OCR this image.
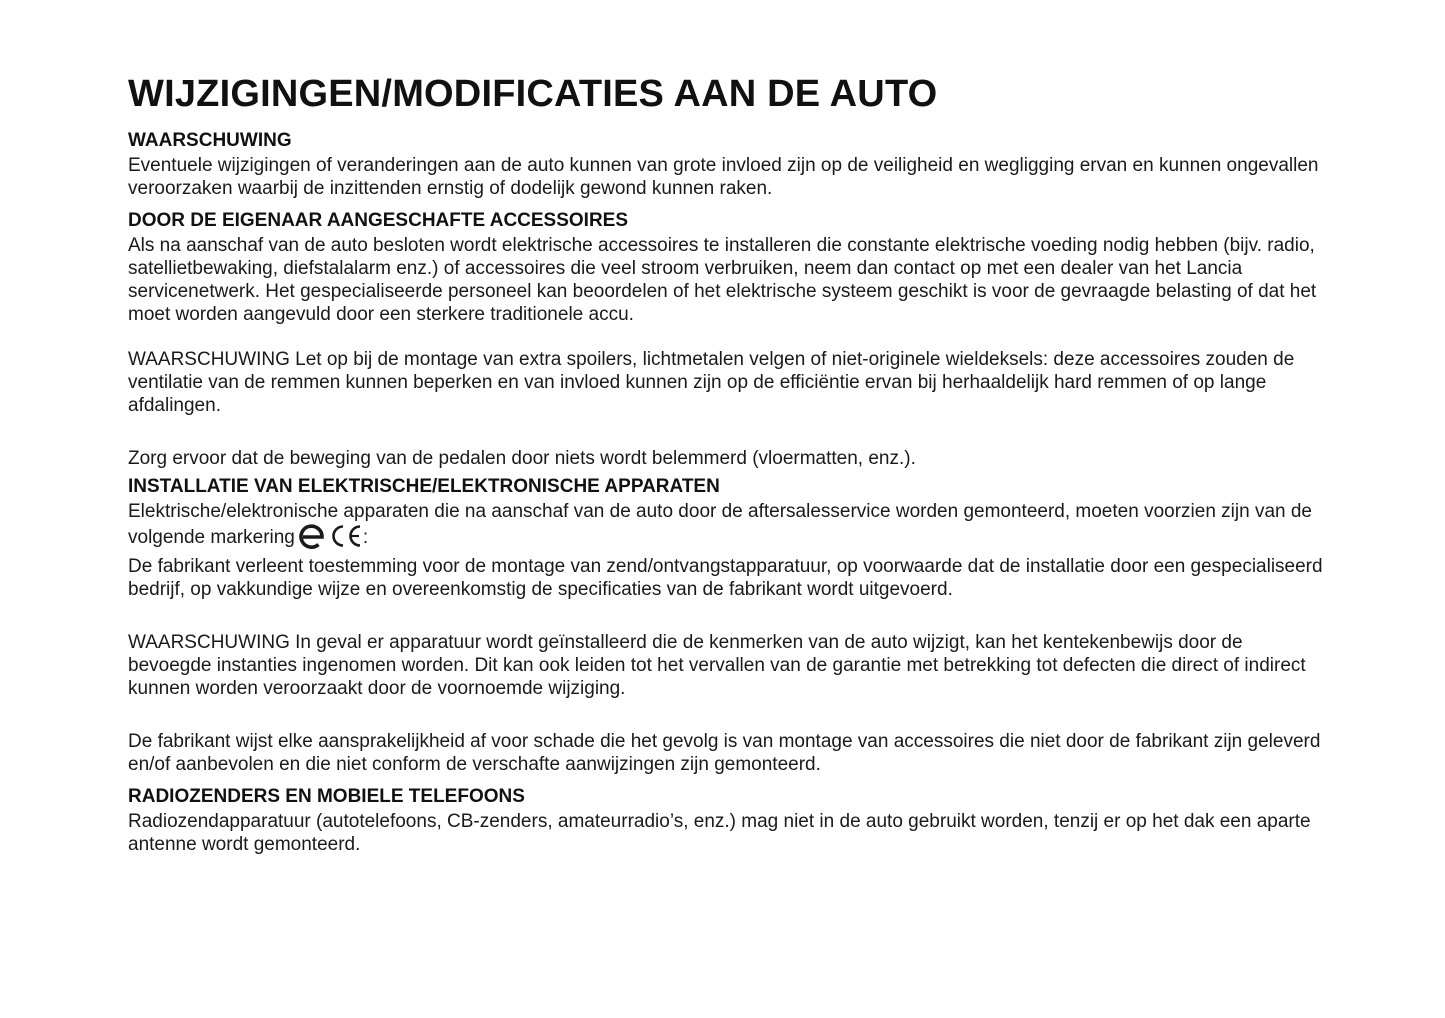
WIJZIGINGEN/MODIFICATIES AAN DE AUTO
WAARSCHUWING

Eventuele wijzigingen of veranderingen aan de auto kunnen van grote invloed zijn op de veiligheid en wegligging ervan en kunnen ongevallen veroorzaken waarbij de inzittenden ernstig of dodelijk gewond kunnen raken.

DOOR DE EIGENAAR AANGESCHAFTE ACCESSOIRES

Als na aanschaf van de auto besloten wordt elektrische accessoires te installeren die constante elektrische voeding nodig hebben (bijv. radio, satellietbewaking, diefstalalarm enz.) of accessoires die veel stroom verbruiken, neem dan contact op met een dealer van het Lancia servicenetwerk. Het gespecialiseerde personeel kan beoordelen of het elektrische systeem geschikt is voor de gevraagde belasting of dat het moet worden aangevuld door een sterkere traditionele accu.

WAARSCHUWING Let op bij de montage van extra spoilers, lichtmetalen velgen of niet-originele wieldeksels: deze accessoires zouden de ventilatie van de remmen kunnen beperken en van invloed kunnen zijn op de efficiëntie ervan bij herhaaldelijk hard remmen of op lange afdalingen.

Zorg ervoor dat de beweging van de pedalen door niets wordt belemmerd (vloermatten, enz.).

INSTALLATIE VAN ELEKTRISCHE/ELEKTRONISCHE APPARATEN

Elektrische/elektronische apparaten die na aanschaf van de auto door de aftersalesservice worden gemonteerd, moeten voorzien zijn van de volgende markering	:

De fabrikant verleent toestemming voor de montage van zend/ontvangstapparatuur, op voorwaarde dat de installatie door een gespecialiseerd bedrijf, op vakkundige wijze en overeenkomstig de specificaties van de fabrikant wordt uitgevoerd.

WAARSCHUWING In geval er apparatuur wordt geïnstalleerd die de kenmerken van de auto wijzigt, kan het kentekenbewijs door de bevoegde instanties ingenomen worden. Dit kan ook leiden tot het vervallen van de garantie met betrekking tot defecten die direct of indirect kunnen worden veroorzaakt door de voornoemde wijziging.

De fabrikant wijst elke aansprakelijkheid af voor schade die het gevolg is van montage van accessoires die niet door de fabrikant zijn geleverd en/of aanbevolen en die niet conform de verschafte aanwijzingen zijn gemonteerd.

RADIOZENDERS EN MOBIELE TELEFOONS

Radiozendapparatuur (autotelefoons, CB-zenders, amateurradio’s, enz.) mag niet in de auto gebruikt worden, tenzij er op het dak een aparte antenne wordt gemonteerd.
